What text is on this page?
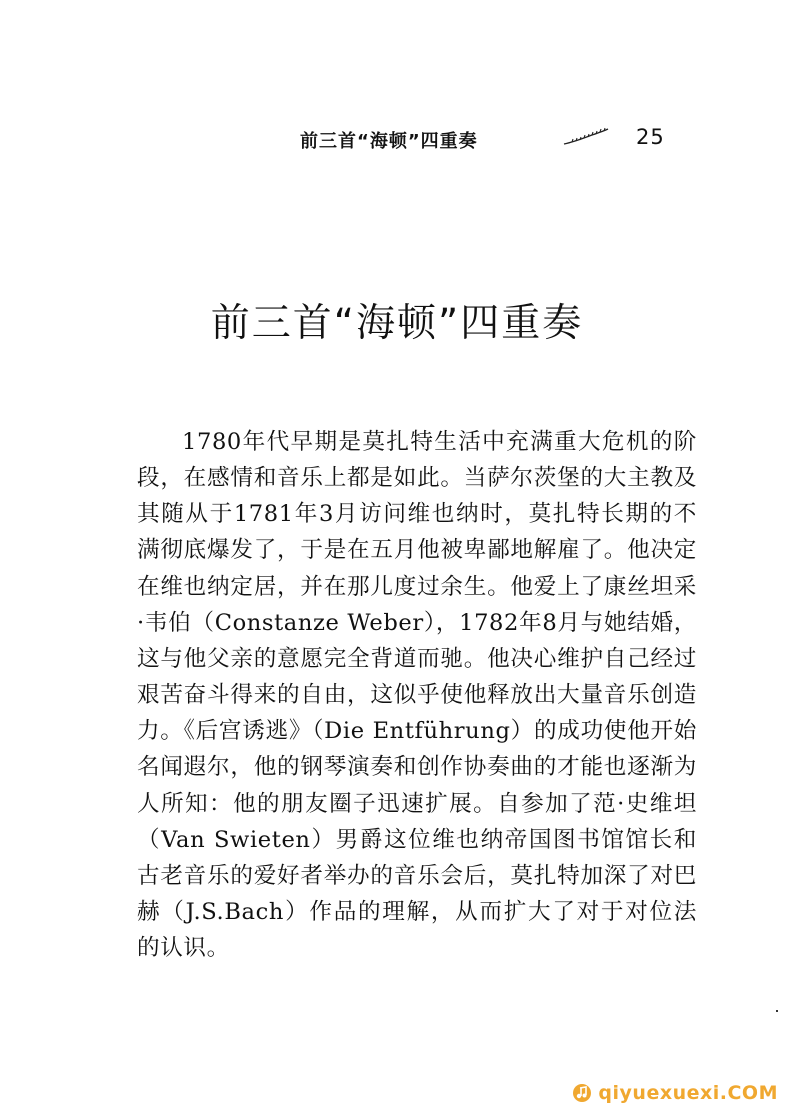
前三首“海顿”四重奏	25
前三首“海顿”四重奏

1780年代早期是莫扎特生活中充满重大危机的阶段，在感情和音乐上都是如此。当萨尔茨堡的大主教及其随从于1781年3月访问维也纳时，莫扎特长期的不满彻底爆发了，于是在五月他被卑鄙地解雇了。他决定在维也纳定居，并在那儿度过余生。他爱上了康丝坦采·韦伯（Constanze Weber），1782年8月与她结婚，这与他父亲的意愿完全背道而驰。他决心维护自己经过艰苦奋斗得来的自由，这似乎使他释放出大量音乐创造力。《后宫诱逃》（Die Entführung）的成功使他开始名闻遐尔，他的钢琴演奏和创作协奏曲的才能也逐渐为人所知：他的朋友圈子迅速扩展。自参加了范·史维坦（Van Swieten）男爵这位维也纳帝国图书馆馆长和古老音乐的爱好者举办的音乐会后，莫扎特加深了对巴赫（J.S.Bach）作品的理解，从而扩大了对于对位法的认识。

qiyuexuexi.COM
